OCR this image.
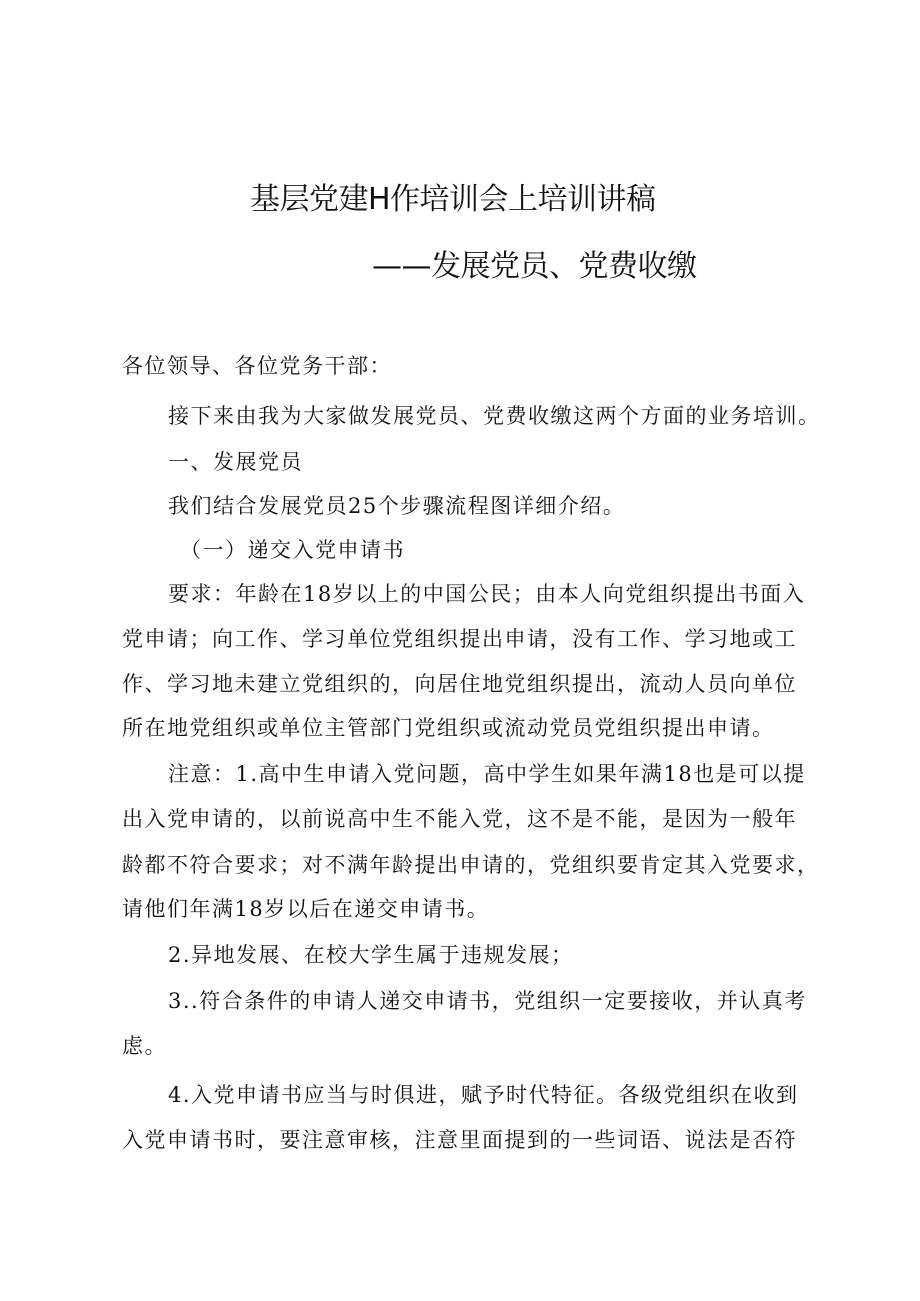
基层党建H作培训会上培训讲稿
——发展党员、党费收缴
各位领导、各位党务干部：
接下来由我为大家做发展党员、党费收缴这两个方面的业务培训。
一、发展党员
我们结合发展党员25个步骤流程图详细介绍。
（一）递交入党申请书
要求：年龄在18岁以上的中国公民；由本人向党组织提出书面入
党申请；向工作、学习单位党组织提出申请，没有工作、学习地或工
作、学习地未建立党组织的，向居住地党组织提出，流动人员向单位
所在地党组织或单位主管部门党组织或流动党员党组织提出申请。
注意：1.高中生申请入党问题，高中学生如果年满18也是可以提
出入党申请的，以前说高中生不能入党，这不是不能，是因为一般年
龄都不符合要求；对不满年龄提出申请的，党组织要肯定其入党要求，
请他们年满18岁以后在递交申请书。
2.异地发展、在校大学生属于违规发展；
3..符合条件的申请人递交申请书，党组织一定要接收，并认真考
虑。
4.入党申请书应当与时俱进，赋予时代特征。各级党组织在收到
入党申请书时，要注意审核，注意里面提到的一些词语、说法是否符
